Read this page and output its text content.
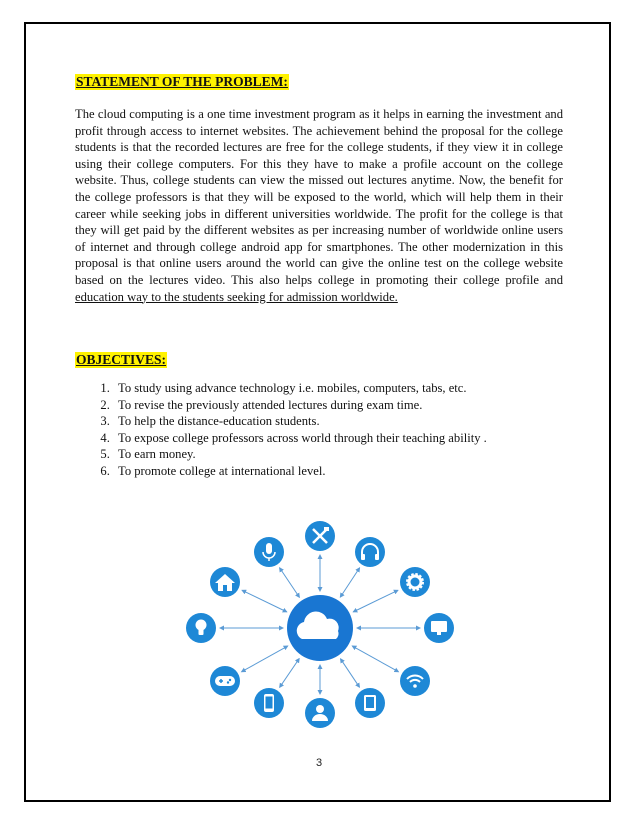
STATEMENT OF THE PROBLEM:

The cloud computing is a one time investment program as it helps in earning the investment and profit through access to internet websites. The achievement behind the proposal for the college students is that the recorded lectures are free for the college students, if they view it in college using their college computers. For this they have to make a profile account on the college website. Thus, college students can view the missed out lectures anytime. Now, the benefit for the college professors is that they will be exposed to the world, which will help them in their career while seeking jobs in different universities worldwide. The profit for the college is that they will get paid by the different websites as per increasing number of worldwide online users of internet and through college android app for smartphones. The other modernization in this proposal is that online users around the world can give the online test on the college website based on the lectures video. This also helps college in promoting their college profile and education way to the students seeking for admission worldwide.

OBJECTIVES:
1. To study using advance technology i.e. mobiles, computers, tabs, etc.
2. To revise the previously attended lectures during exam time.
3. To help the distance-education students.
4. To expose college professors across world through their teaching ability .
5. To earn money.
6. To promote college at international level.

3
